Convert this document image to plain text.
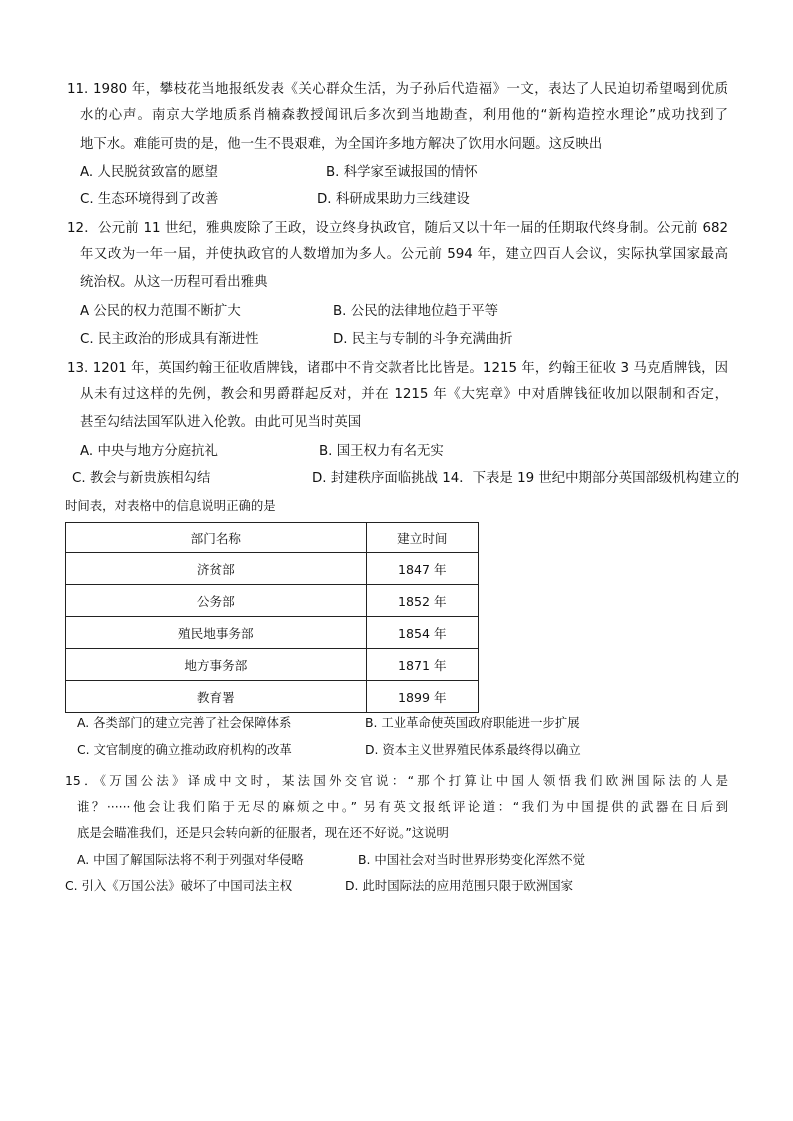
11. 1980 年，攀枝花当地报纸发表《关心群众生活，为子孙后代造福》一文，表达了人民迫切希望喝到优质
水的心声。南京大学地质系肖楠森教授闻讯后多次到当地勘查，利用他的“新构造控水理论”成功找到了
地下水。难能可贵的是，他一生不畏艰难，为全国许多地方解决了饮用水问题。这反映出
A. 人民脱贫致富的愿望	B. 科学家至诚报国的情怀
C. 生态环境得到了改善	D. 科研成果助力三线建设
12．公元前 11 世纪，雅典废除了王政，设立终身执政官，随后又以十年一届的任期取代终身制。公元前 682
年又改为一年一届，并使执政官的人数增加为多人。公元前 594 年，建立四百人会议，实际执掌国家最高
统治权。从这一历程可看出雅典
A 公民的权力范围不断扩大	B. 公民的法律地位趋于平等
C. 民主政治的形成具有渐进性	D. 民主与专制的斗争充满曲折
13. 1201 年，英国约翰王征收盾牌钱，诸郡中不肯交款者比比皆是。1215 年，约翰王征收 3 马克盾牌钱，因
从未有过这样的先例，教会和男爵群起反对，并在 1215 年《大宪章》中对盾牌钱征收加以限制和否定，
甚至勾结法国军队进入伦敦。由此可见当时英国
A. 中央与地方分庭抗礼	B. 国王权力有名无实
C. 教会与新贵族相勾结	D. 封建秩序面临挑战 14．下表是 19 世纪中期部分英国部级机构建立的
时间表，对表格中的信息说明正确的是
部门名称	建立时间
济贫部	1847 年
公务部	1852 年
殖民地事务部	1854 年
地方事务部	1871 年
教育署	1899 年
A. 各类部门的建立完善了社会保障体系	B. 工业革命使英国政府职能进一步扩展
C. 文官制度的确立推动政府机构的改革	D. 资本主义世界殖民体系最终得以确立
15．《万国公法》译成中文时，某法国外交官说：“那个打算让中国人领悟我们欧洲国际法的人是
谁？······他会让我们陷于无尽的麻烦之中。” 另有英文报纸评论道：“我们为中国提供的武器在日后到
底是会瞄准我们，还是只会转向新的征服者，现在还不好说。”这说明
A. 中国了解国际法将不利于列强对华侵略	B. 中国社会对当时世界形势变化浑然不觉
C. 引入《万国公法》破坏了中国司法主权	D. 此时国际法的应用范围只限于欧洲国家
